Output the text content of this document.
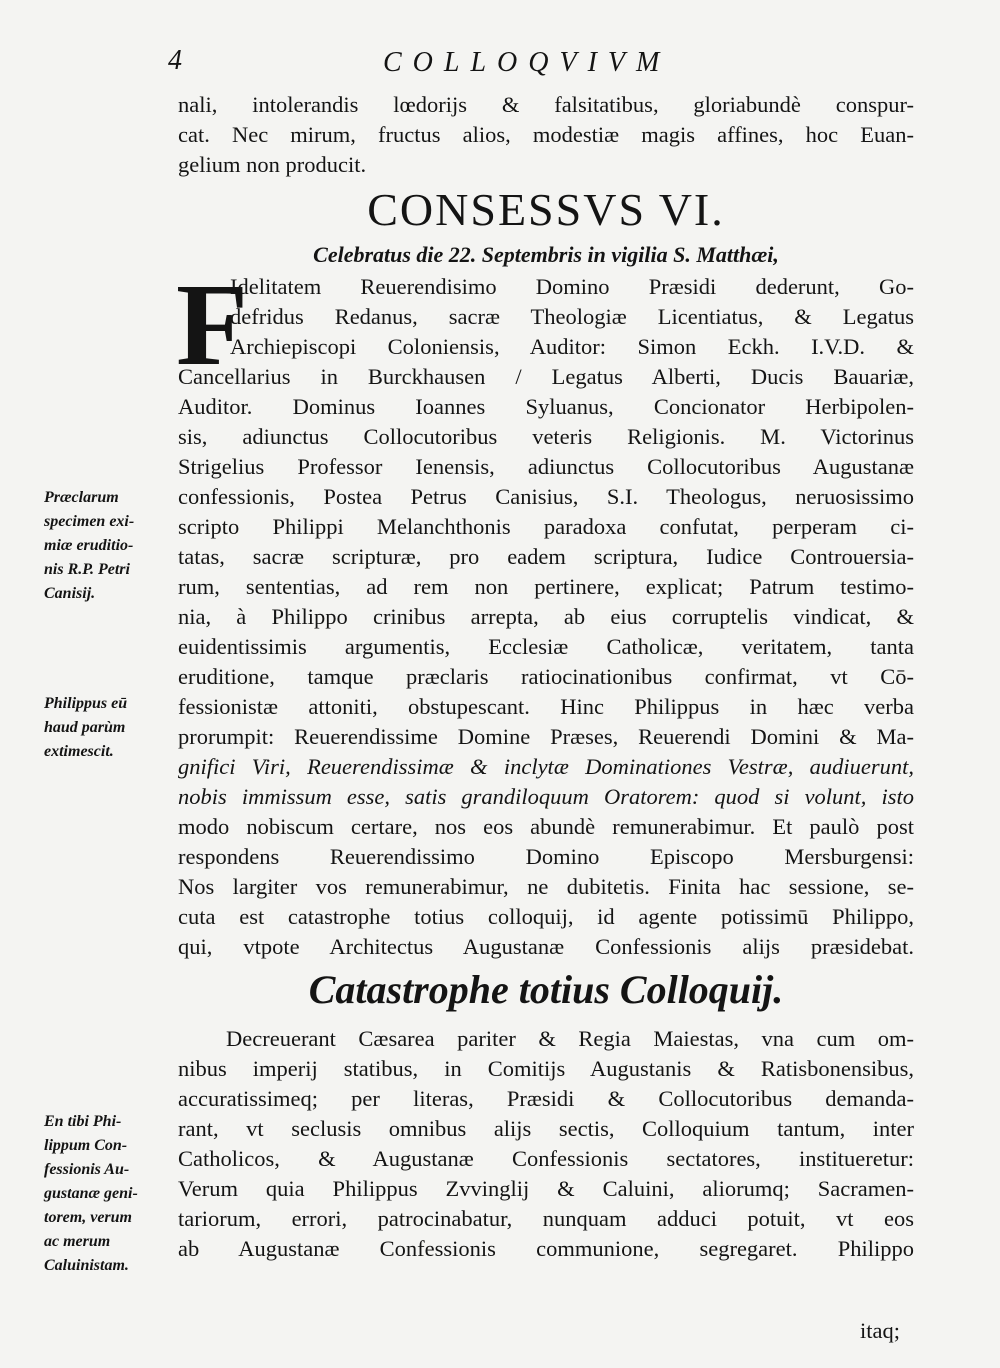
4	COLLOQVIVM
nali, intolerandis lœdorijs & falsitatibus, gloriabundè conspur-
cat. Nec mirum, fructus alios, modestiæ magis affines, hoc Euan-
gelium non producit.
CONSESSVS VI.
Celebratus die 22. Septembris in vigilia S. Matthæi,
F
Idelitatem Reuerendisimo Domino Præsidi dederunt, Go-
defridus Redanus, sacræ Theologiæ Licentiatus, & Legatus
Archiepiscopi Coloniensis, Auditor: Simon Eckh. I.V.D. &
Cancellarius in Burckhausen / Legatus Alberti, Ducis Bauariæ,
Auditor. Dominus Ioannes Syluanus, Concionator Herbipolen-
sis, adiunctus Collocutoribus veteris Religionis. M. Victorinus
Strigelius Professor Ienensis, adiunctus Collocutoribus Augustanæ
confessionis, Postea Petrus Canisius, S.I. Theologus, neruosissimo
scripto Philippi Melanchthonis paradoxa confutat, perperam ci-
tatas, sacræ scripturæ, pro eadem scriptura, Iudice Controuersia-
rum, sententias, ad rem non pertinere, explicat; Patrum testimo-
nia, à Philippo crinibus arrepta, ab eius corruptelis vindicat, &
euidentissimis argumentis, Ecclesiæ Catholicæ, veritatem, tanta
eruditione, tamque præclaris ratiocinationibus confirmat, vt Cō-
fessionistæ attoniti, obstupescant. Hinc Philippus in hæc verba
prorumpit: Reuerendissime Domine Præses, Reuerendi Domini & Ma-
gnifici Viri, Reuerendissimæ & inclytæ Dominationes Vestræ, audiuerunt,
nobis immissum esse, satis grandiloquum Oratorem: quod si volunt, isto
modo nobiscum certare, nos eos abundè remunerabimur. Et paulò post
respondens Reuerendissimo Domino Episcopo Mersburgensi:
Nos largiter vos remunerabimur, ne dubitetis. Finita hac sessione, se-
cuta est catastrophe totius colloquij, id agente potissimū Philippo,
qui, vtpote Architectus Augustanæ Confessionis alijs præsidebat.
Catastrophe totius Colloquij.
Decreuerant Cæsarea pariter & Regia Maiestas, vna cum om-
nibus imperij statibus, in Comitijs Augustanis & Ratisbonensibus,
accuratissimeq; per literas, Præsidi & Collocutoribus demanda-
rant, vt seclusis omnibus alijs sectis, Colloquium tantum, inter
Catholicos, & Augustanæ Confessionis sectatores, institueretur:
Verum quia Philippus Zvvinglij & Caluini, aliorumq; Sacramen-
tariorum, errori, patrocinabatur, nunquam adduci potuit, vt eos
ab Augustanæ Confessionis communione, segregaret. Philippo
itaq;
Præclarum
specimen exi-
miæ eruditio-
nis R.P. Petri
Canisij.
Philippus eū
haud parùm
extimescit.
En tibi Phi-
lippum Con-
fessionis Au-
gustanæ geni-
torem, verum
ac merum
Caluinistam.
